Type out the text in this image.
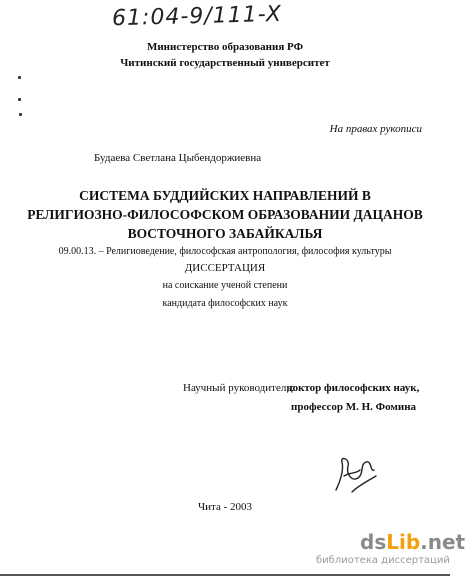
61:04-9/111-X
Министерство образования РФ
Читинский государственный университет
На правах рукописи
Будаева Светлана Цыбендоржиевна
СИСТЕМА БУДДИЙСКИХ НАПРАВЛЕНИЙ В
РЕЛИГИОЗНО-ФИЛОСОФСКОМ ОБРАЗОВАНИИ ДАЦАНОВ
ВОСТОЧНОГО ЗАБАЙКАЛЬЯ
09.00.13. – Религиоведение, философская антропология, философия культуры
ДИССЕРТАЦИЯ
на соискание ученой степени
кандидата философских наук
Научный руководитель:
доктор философских наук,
профессор М. Н. Фомина
Чита - 2003
dsLib.net
библиотека диссертаций
